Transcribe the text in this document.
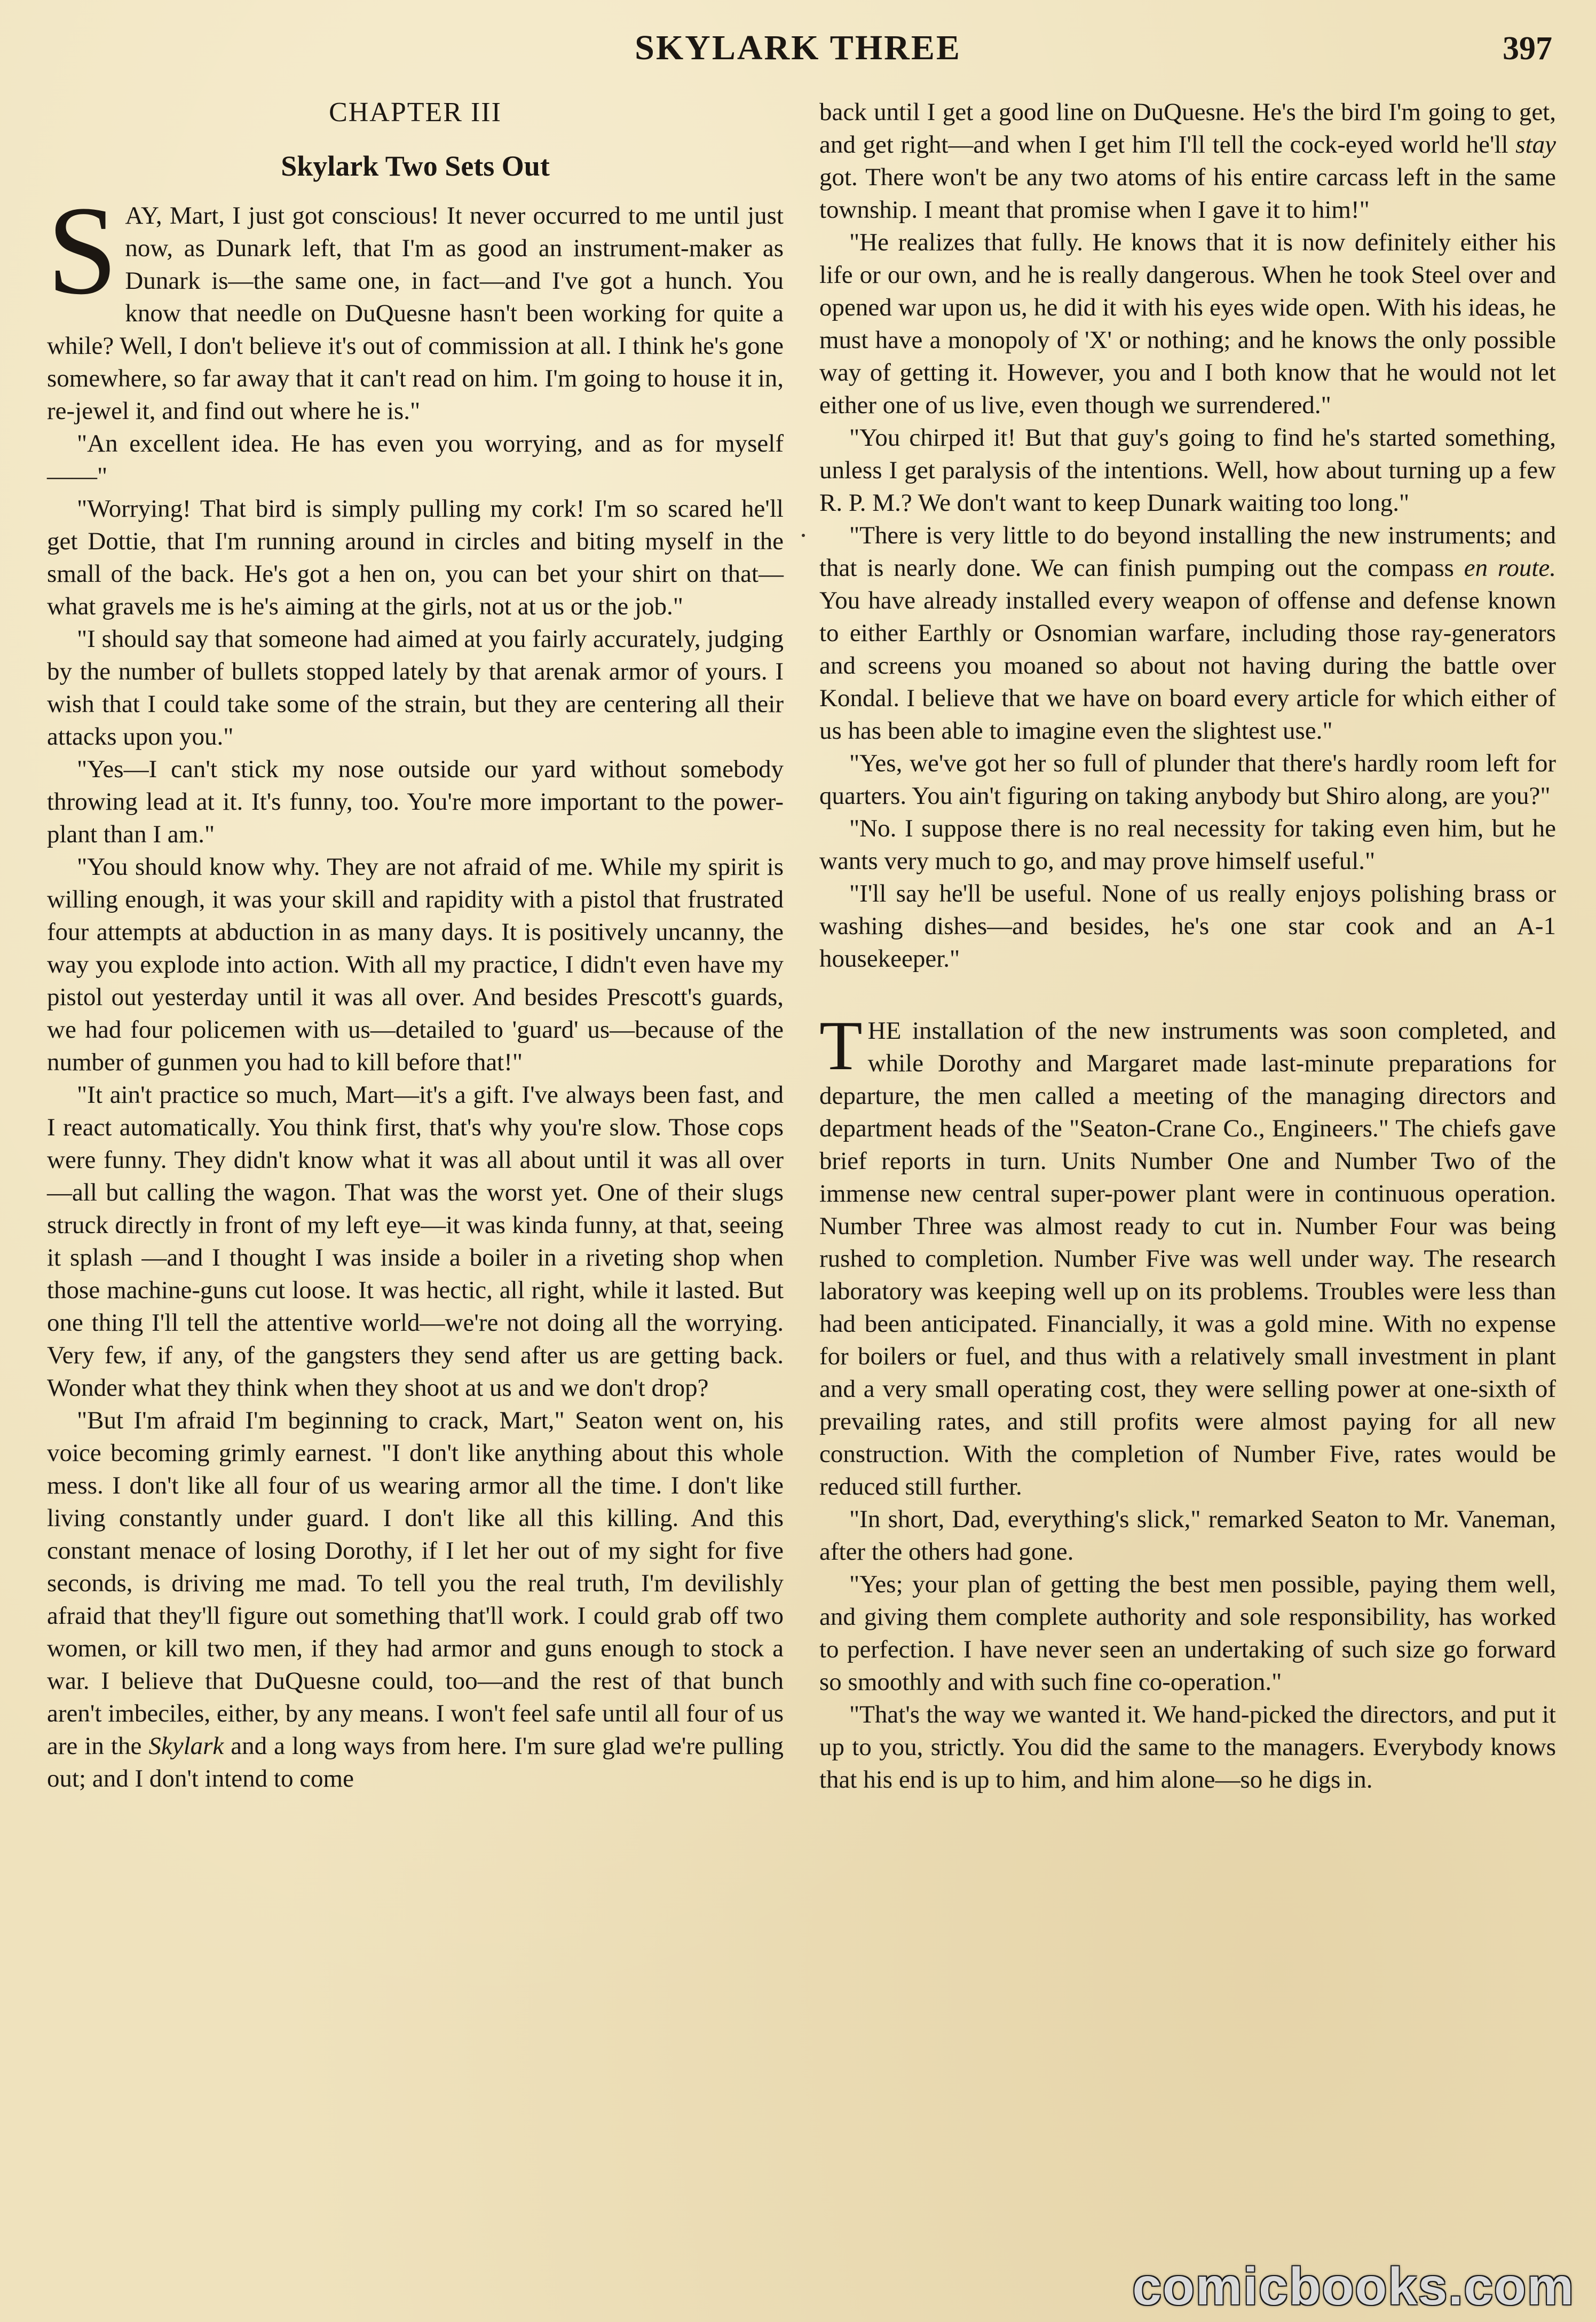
SKYLARK THREE	397
CHAPTER III
Skylark Two Sets Out

SAY, Mart, I just got conscious! It never occurred to me until just now, as Dunark left, that I'm as good an instrument-maker as Dunark is—the same one, in fact—and I've got a hunch. You know that needle on DuQuesne hasn't been working for quite a while? Well, I don't believe it's out of commission at all. I think he's gone somewhere, so far away that it can't read on him. I'm going to house it in, re-jewel it, and find out where he is."

"An excellent idea. He has even you worrying, and as for myself——"

"Worrying! That bird is simply pulling my cork! I'm so scared he'll get Dottie, that I'm running around in circles and biting myself in the small of the back. He's got a hen on, you can bet your shirt on that—what gravels me is he's aiming at the girls, not at us or the job."

"I should say that someone had aimed at you fairly accurately, judging by the number of bullets stopped lately by that arenak armor of yours. I wish that I could take some of the strain, but they are centering all their attacks upon you."

"Yes—I can't stick my nose outside our yard without somebody throwing lead at it. It's funny, too. You're more important to the power-plant than I am."

"You should know why. They are not afraid of me. While my spirit is willing enough, it was your skill and rapidity with a pistol that frustrated four attempts at abduction in as many days. It is positively uncanny, the way you explode into action. With all my practice, I didn't even have my pistol out yesterday until it was all over. And besides Prescott's guards, we had four policemen with us—detailed to 'guard' us—because of the number of gunmen you had to kill before that!"

"It ain't practice so much, Mart—it's a gift. I've always been fast, and I react automatically. You think first, that's why you're slow. Those cops were funny. They didn't know what it was all about until it was all over—all but calling the wagon. That was the worst yet. One of their slugs struck directly in front of my left eye—it was kinda funny, at that, seeing it splash —and I thought I was inside a boiler in a riveting shop when those machine-guns cut loose. It was hectic, all right, while it lasted. But one thing I'll tell the attentive world—we're not doing all the worrying. Very few, if any, of the gangsters they send after us are getting back. Wonder what they think when they shoot at us and we don't drop?

"But I'm afraid I'm beginning to crack, Mart," Seaton went on, his voice becoming grimly earnest. "I don't like anything about this whole mess. I don't like all four of us wearing armor all the time. I don't like living constantly under guard. I don't like all this killing. And this constant menace of losing Dorothy, if I let her out of my sight for five seconds, is driving me mad. To tell you the real truth, I'm devilishly afraid that they'll figure out something that'll work. I could grab off two women, or kill two men, if they had armor and guns enough to stock a war. I believe that DuQuesne could, too—and the rest of that bunch aren't imbeciles, either, by any means. I won't feel safe until all four of us are in the Skylark and a long ways from here. I'm sure glad we're pulling out; and I don't intend to come

back until I get a good line on DuQuesne. He's the bird I'm going to get, and get right—and when I get him I'll tell the cock-eyed world he'll stay got. There won't be any two atoms of his entire carcass left in the same township. I meant that promise when I gave it to him!"

"He realizes that fully. He knows that it is now definitely either his life or our own, and he is really dangerous. When he took Steel over and opened war upon us, he did it with his eyes wide open. With his ideas, he must have a monopoly of 'X' or nothing; and he knows the only possible way of getting it. However, you and I both know that he would not let either one of us live, even though we surrendered."

"You chirped it! But that guy's going to find he's started something, unless I get paralysis of the intentions. Well, how about turning up a few R. P. M.? We don't want to keep Dunark waiting too long."

"There is very little to do beyond installing the new instruments; and that is nearly done. We can finish pumping out the compass en route. You have already installed every weapon of offense and defense known to either Earthly or Osnomian warfare, including those ray-generators and screens you moaned so about not having during the battle over Kondal. I believe that we have on board every article for which either of us has been able to imagine even the slightest use."

"Yes, we've got her so full of plunder that there's hardly room left for quarters. You ain't figuring on taking anybody but Shiro along, are you?"

"No. I suppose there is no real necessity for taking even him, but he wants very much to go, and may prove himself useful."

"I'll say he'll be useful. None of us really enjoys polishing brass or washing dishes—and besides, he's one star cook and an A-1 housekeeper."

THE installation of the new instruments was soon completed, and while Dorothy and Margaret made last-minute preparations for departure, the men called a meeting of the managing directors and department heads of the "Seaton-Crane Co., Engineers." The chiefs gave brief reports in turn. Units Number One and Number Two of the immense new central super-power plant were in continuous operation. Number Three was almost ready to cut in. Number Four was being rushed to completion. Number Five was well under way. The research laboratory was keeping well up on its problems. Troubles were less than had been anticipated. Financially, it was a gold mine. With no expense for boilers or fuel, and thus with a relatively small investment in plant and a very small operating cost, they were selling power at one-sixth of prevailing rates, and still profits were almost paying for all new construction. With the completion of Number Five, rates would be reduced still further.

"In short, Dad, everything's slick," remarked Seaton to Mr. Vaneman, after the others had gone.

"Yes; your plan of getting the best men possible, paying them well, and giving them complete authority and sole responsibility, has worked to perfection. I have never seen an undertaking of such size go forward so smoothly and with such fine co-operation."

"That's the way we wanted it. We hand-picked the directors, and put it up to you, strictly. You did the same to the managers. Everybody knows that his end is up to him, and him alone—so he digs in.

comicbooks.com
